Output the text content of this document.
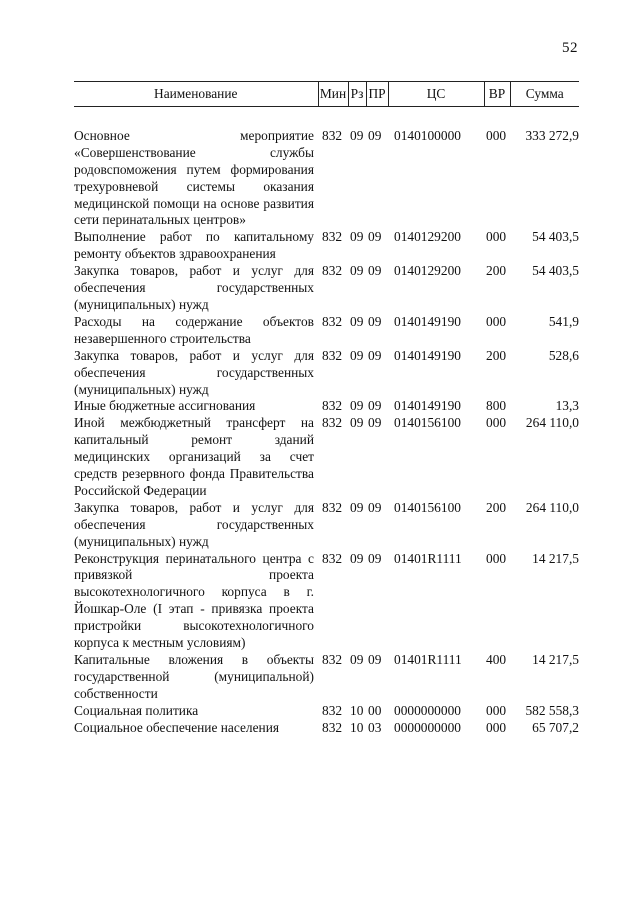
52
Наименование	Мин	Рз	ПР	ЦС	ВР	Сумма

Основное мероприятие «Совершенствование службы родовспоможения путем формирования трехуровневой системы оказания медицинской помощи на основе развития сети перинатальных центров»	832	09	09	0140100000	000	333 272,9
Выполнение работ по капитальному ремонту объектов здравоохранения	832	09	09	0140129200	000	54 403,5
Закупка товаров, работ и услуг для обеспечения государственных (муниципальных) нужд	832	09	09	0140129200	200	54 403,5
Расходы на содержание объектов незавершенного строительства	832	09	09	0140149190	000	541,9
Закупка товаров, работ и услуг для обеспечения государственных (муниципальных) нужд	832	09	09	0140149190	200	528,6
Иные бюджетные ассигнования	832	09	09	0140149190	800	13,3
Иной межбюджетный трансферт на капитальный ремонт зданий медицинских организаций за счет средств резервного фонда Правительства Российской Федерации	832	09	09	0140156100	000	264 110,0
Закупка товаров, работ и услуг для обеспечения государственных (муниципальных) нужд	832	09	09	0140156100	200	264 110,0
Реконструкция перинатального центра с привязкой проекта высокотехнологичного корпуса в г. Йошкар-Оле (I этап - привязка проекта пристройки высокотехнологичного корпуса к местным условиям)	832	09	09	01401R1111	000	14 217,5
Капитальные вложения в объекты государственной (муниципальной) собственности	832	09	09	01401R1111	400	14 217,5
Социальная политика	832	10	00	0000000000	000	582 558,3
Социальное обеспечение населения	832	10	03	0000000000	000	65 707,2
